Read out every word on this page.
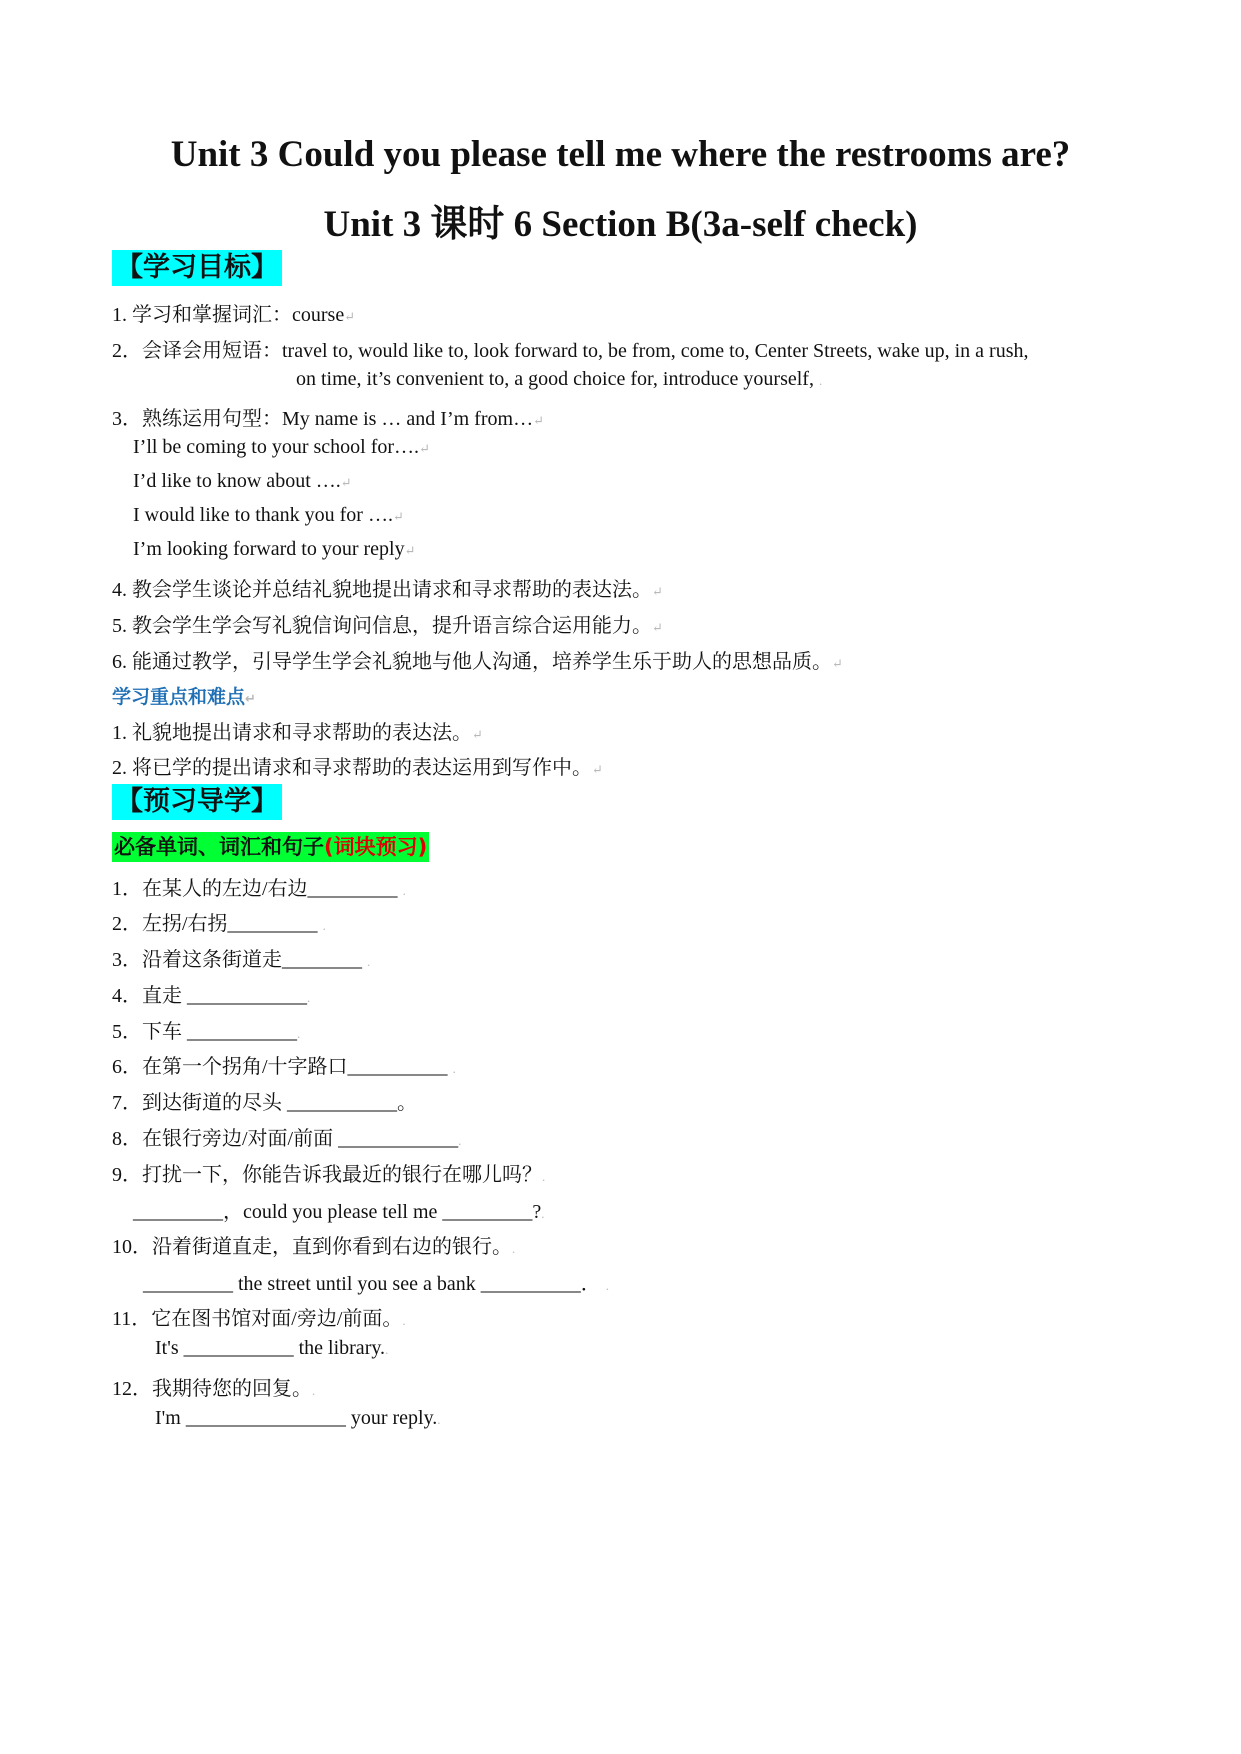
Unit 3 Could you please tell me where the restrooms are?
Unit 3 课时 6 Section B(3a-self check)
【学习目标】
1. 学习和掌握词汇：course↵
2．会译会用短语：travel to, would like to, look forward to, be from, come to, Center Streets, wake up, in a rush,
on time, it’s convenient to, a good choice for, introduce yourself, .
3．熟练运用句型：My name is … and I’m from…↵
I’ll be coming to your school for….↵
I’d like to know about ….↵
I would like to thank you for ….↵
I’m looking forward to your reply↵
4. 教会学生谈论并总结礼貌地提出请求和寻求帮助的表达法。↵
5. 教会学生学会写礼貌信询问信息，提升语言综合运用能力。↵
6. 能通过教学，引导学生学会礼貌地与他人沟通，培养学生乐于助人的思想品质。↵
学习重点和难点↵
1. 礼貌地提出请求和寻求帮助的表达法。↵
2. 将已学的提出请求和寻求帮助的表达运用到写作中。↵
【预习导学】
必备单词、词汇和句子(词块预习)
1．在某人的左边/右边_________ .
2．左拐/右拐_________ .
3．沿着这条街道走________ .
4．直走 ____________.
5．下车 ___________.
6．在第一个拐角/十字路口__________ .
7．到达街道的尽头 ___________。
8．在银行旁边/对面/前面 ____________.
9．打扰一下，你能告诉我最近的银行在哪儿吗？.
_________，could you please tell me _________?.
10．沿着街道直走，直到你看到右边的银行。.
_________ the street until you see a bank __________． .
11．它在图书馆对面/旁边/前面。.
It's ___________ the library..
12．我期待您的回复。.
I'm ________________ your reply..
